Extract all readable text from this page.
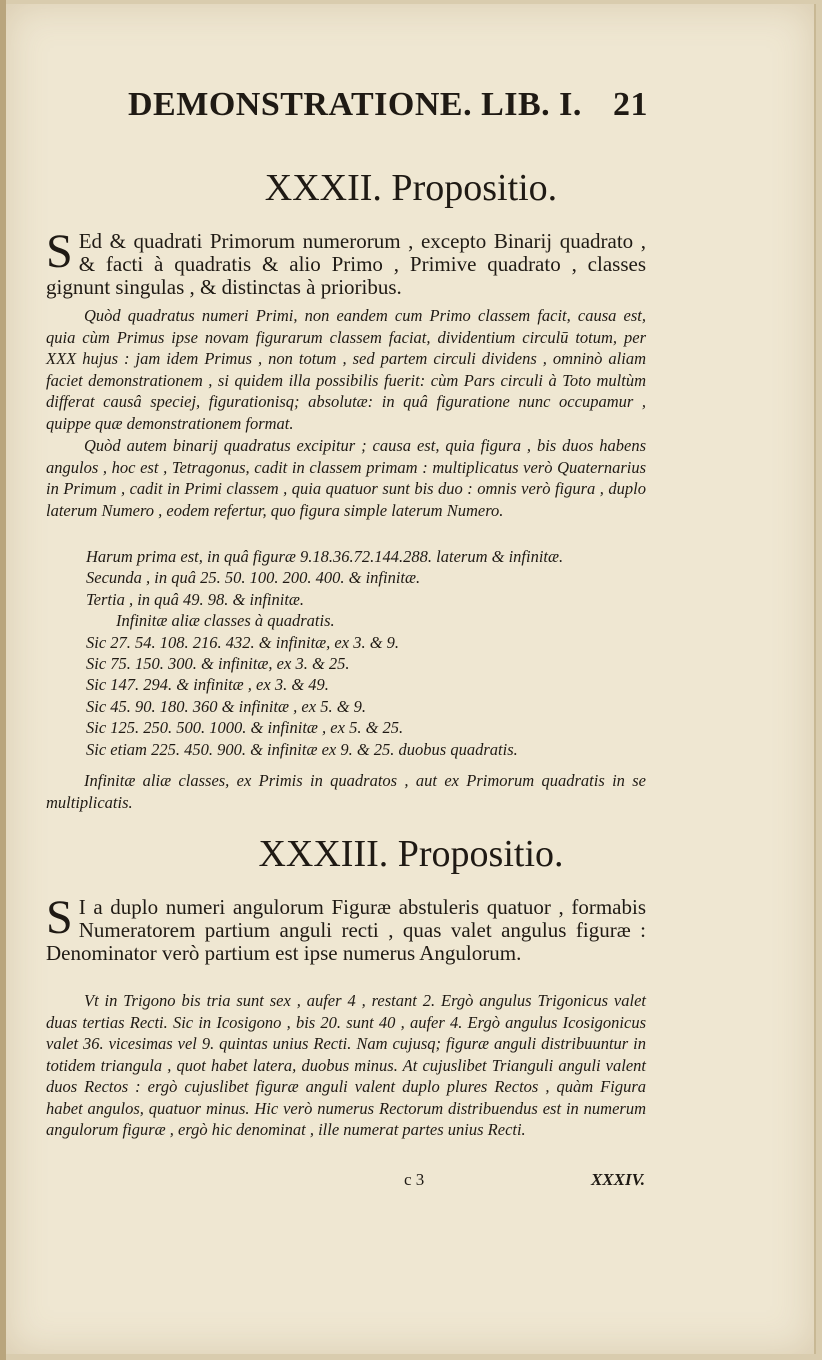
DEMONSTRATIONE. LIB. I. 21
XXXII. Propositio.
S Ed & quadrati Primorum numerorum , excepto Binarij quadrato , & facti à quadratis & alio Primo , Primive quadrato , classes gignunt singulas , & distinctas à prioribus.
Quòd quadratus numeri Primi, non eandem cum Primo classem facit, causa est, quia cùm Primus ipse novam figurarum classem faciat, dividentium circulū totum, per XXX hujus : jam idem Primus , non totum , sed partem circuli dividens , omninò aliam faciet demonstrationem , si quidem illa possibilis fuerit: cùm Pars circuli à Toto multùm differat causâ speciej, figurationisq; absolutæ: in quâ figuratione nunc occupamur , quippe quæ demonstrationem format.
Quòd autem binarij quadratus excipitur ; causa est, quia figura , bis duos habens angulos , hoc est , Tetragonus, cadit in classem primam : multiplicatus verò Quaternarius in Primum , cadit in Primi classem , quia quatuor sunt bis duo : omnis verò figura , duplo laterum Numero , eodem refertur, quo figura simple laterum Numero.
Harum prima est, in quâ figuræ 9.18.36.72.144.288. laterum & infinitæ.
Secunda , in quâ 25. 50. 100. 200. 400. & infinitæ.
Tertia , in quâ 49. 98. & infinitæ.
Infinitæ aliæ classes à quadratis.
Sic 27. 54. 108. 216. 432. & infinitæ, ex 3. & 9.
Sic 75. 150. 300. & infinitæ, ex 3. & 25.
Sic 147. 294. & infinitæ , ex 3. & 49.
Sic 45. 90. 180. 360 & infinitæ , ex 5. & 9.
Sic 125. 250. 500. 1000. & infinitæ , ex 5. & 25.
Sic etiam 225. 450. 900. & infinitæ ex 9. & 25. duobus quadratis.
Infinitæ aliæ classes, ex Primis in quadratos , aut ex Primorum quadratis in se multiplicatis.
XXXIII. Propositio.
S I a duplo numeri angulorum Figuræ abstuleris quatuor , formabis Numeratorem partium anguli recti , quas valet angulus figuræ : Denominator verò partium est ipse numerus Angulorum.
Vt in Trigono bis tria sunt sex , aufer 4 , restant 2. Ergò angulus Trigonicus valet duas tertias Recti. Sic in Icosigono , bis 20. sunt 40 , aufer 4. Ergò angulus Icosigonicus valet 36. vicesimas vel 9. quintas unius Recti. Nam cujusq; figuræ anguli distribuuntur in totidem triangula , quot habet latera, duobus minus. At cujuslibet Trianguli anguli valent duos Rectos : ergò cujuslibet figuræ anguli valent duplo plures Rectos , quàm Figura habet angulos, quatuor minus. Hic verò numerus Rectorum distribuendus est in numerum angulorum figuræ , ergò hic denominat , ille numerat partes unius Recti.
c 3	XXXIV.
